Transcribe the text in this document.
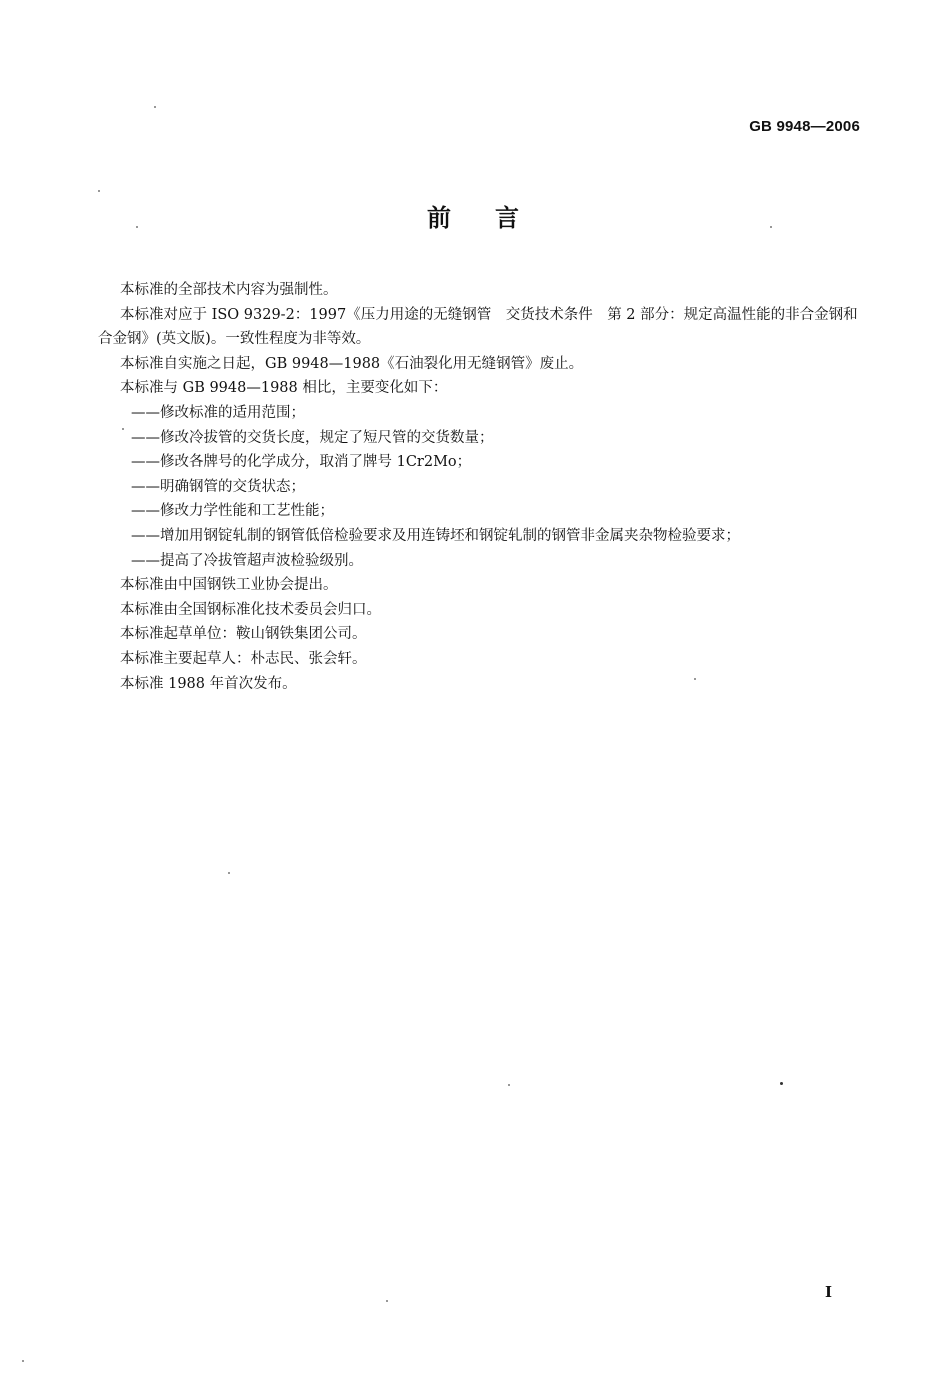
GB 9948—2006
前言

本标准的全部技术内容为强制性。

本标准对应于 ISO 9329-2：1997《压力用途的无缝钢管　交货技术条件　第 2 部分：规定高温性能的非合金钢和合金钢》(英文版)。一致性程度为非等效。

本标准自实施之日起，GB 9948—1988《石油裂化用无缝钢管》废止。

本标准与 GB 9948—1988 相比，主要变化如下：

——修改标准的适用范围；

——修改冷拔管的交货长度，规定了短尺管的交货数量；

——修改各牌号的化学成分，取消了牌号 1Cr2Mo；

——明确钢管的交货状态；

——修改力学性能和工艺性能；

——增加用钢锭轧制的钢管低倍检验要求及用连铸坯和钢锭轧制的钢管非金属夹杂物检验要求；

——提高了冷拔管超声波检验级别。

本标准由中国钢铁工业协会提出。

本标准由全国钢标准化技术委员会归口。

本标准起草单位：鞍山钢铁集团公司。

本标准主要起草人：朴志民、张会轩。

本标准 1988 年首次发布。

I
